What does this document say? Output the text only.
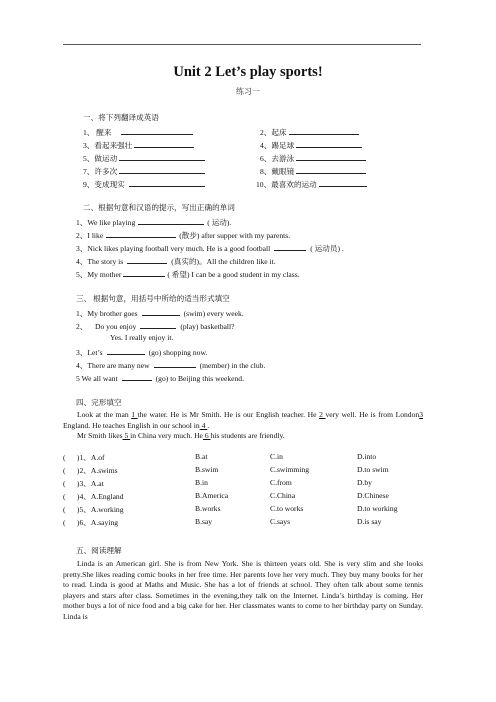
Unit 2 Let’s play sports!
练习一
一、将下列翻译成英语
1、 醒来	2、起床
3、看起来强壮	4、踢足球
5、做运动	6、去游泳
7、许多次	8、戴眼镜
9、变成现实	10、最喜欢的运动
二、根据句意和汉语的提示，写出正确的单词
1、We like playing	( 运动).
2、I like	(散步) after supper with my parents.
3、Nick likes playing football very much. He is a good football	( 运动员) .
4、The story is	(真实的)。All the children like it.
5、My mother	( 希望) I can be a good student in my class.
三、 根据句意，用括号中所给的适当形式填空
1、My brother goes	(swim) every week.
2、    Do you enjoy	(play) basketball?
Yes. I really enjoy it.
3、Let’s	(go) shopping now.
4、There are many new	(member) in the club.
5 We all want	(go) to Beijing this weekend.
四、完形填空

Look at the man 1 the water. He is Mr Smith. He is our English teacher. He 2 very well. He is from London3 England. He teaches English in our school in 4 .

Mr Smith likes 5 in China very much. He 6 his students are friendly.

(      )1、A.of	B.at	C.in	D.into
(      )2、A.swims	B.swim	C.swimming	D.to swim
(      )3、A.at	B.in	C.from	D.by
(      )4、A.England	B.America	C.China	D.Chinese
(      )5、A.working	B.works	C.to works	D.to working
(      )6、A.saying	B.say	C.says	D.is say
五、阅读理解

Linda is an American girl. She is from New York. She is thirteen years old. She is very slim and she looks pretty.She likes reading comic books in her free time. Her parents love her very much. They buy many books for her to read. Linda is good at Maths and Music. She has a lot of friends at school. They often talk about some tennis players and stars after class. Sometimes in the evening,they talk on the Internet. Linda’s birthday is coming. Her mother buys a lot of nice food and a big cake for her. Her classmates wants to come to her birthday party on Sunday. Linda is
